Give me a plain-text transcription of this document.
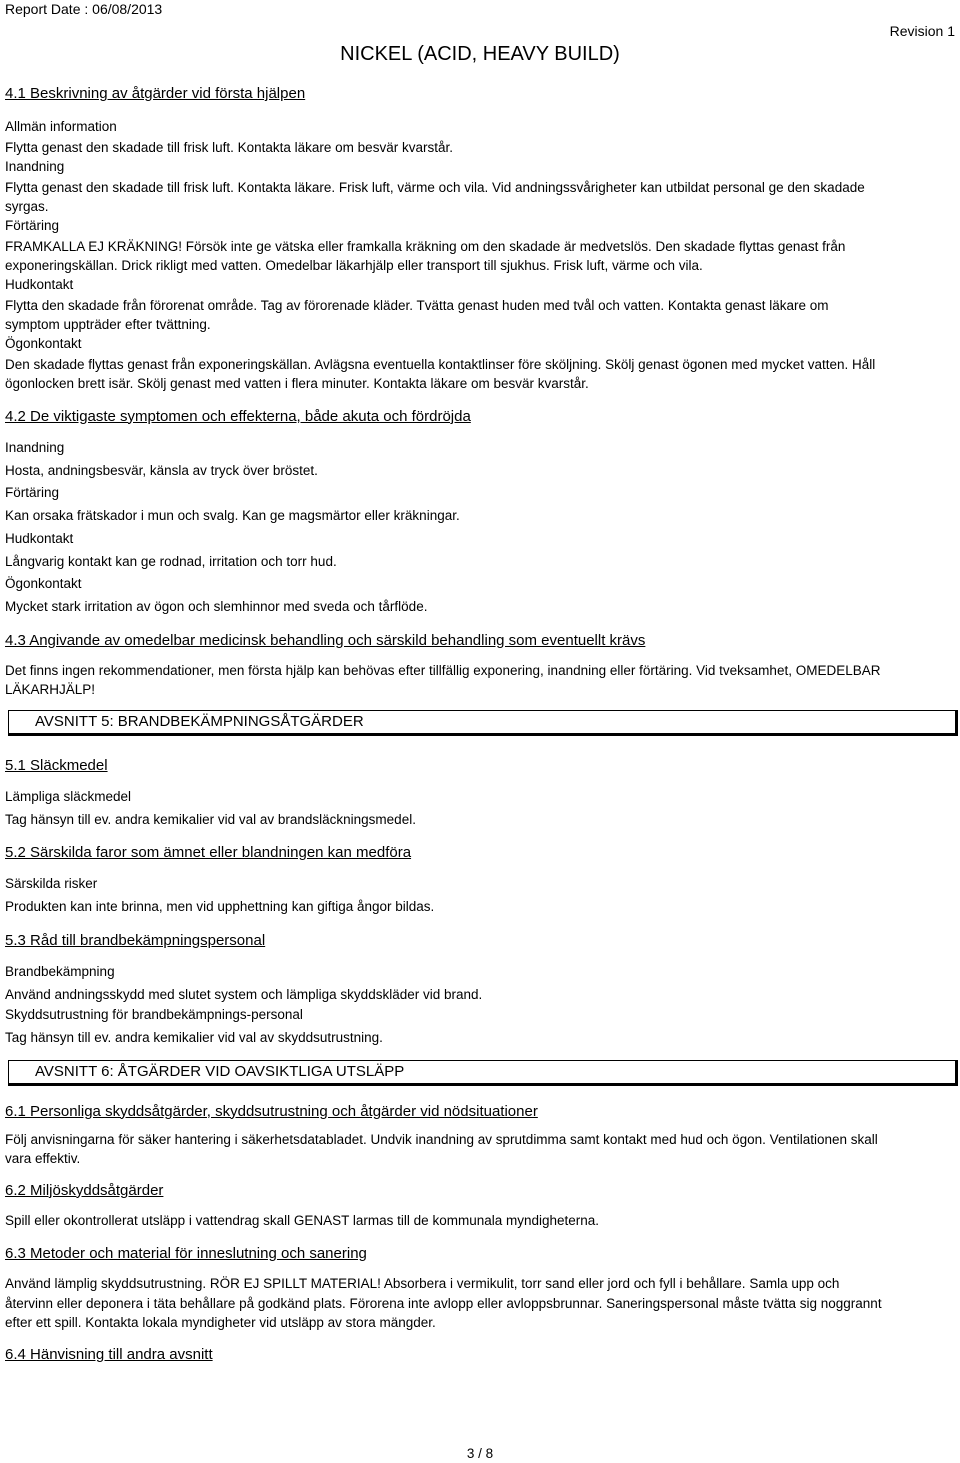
Report Date : 06/08/2013
Revision 1
NICKEL (ACID, HEAVY BUILD)

4.1 Beskrivning av åtgärder vid första hjälpen

Allmän information

Flytta genast den skadade till frisk luft. Kontakta läkare om besvär kvarstår.

Inandning

Flytta genast den skadade till frisk luft. Kontakta läkare. Frisk luft, värme och vila. Vid andningssvårigheter kan utbildat personal ge den skadade syrgas.

Förtäring

FRAMKALLA EJ KRÄKNING! Försök inte ge vätska eller framkalla kräkning om den skadade är medvetslös. Den skadade flyttas genast från exponeringskällan. Drick rikligt med vatten. Omedelbar läkarhjälp eller transport till sjukhus. Frisk luft, värme och vila.

Hudkontakt

Flytta den skadade från förorenat område. Tag av förorenade kläder. Tvätta genast huden med tvål och vatten. Kontakta genast läkare om symptom uppträder efter tvättning.

Ögonkontakt

Den skadade flyttas genast från exponeringskällan. Avlägsna eventuella kontaktlinser före sköljning. Skölj genast ögonen med mycket vatten. Håll ögonlocken brett isär. Skölj genast med vatten i flera minuter. Kontakta läkare om besvär kvarstår.

4.2 De viktigaste symptomen och effekterna, både akuta och fördröjda

Inandning

Hosta, andningsbesvär, känsla av tryck över bröstet.

Förtäring

Kan orsaka frätskador i mun och svalg. Kan ge magsmärtor eller kräkningar.

Hudkontakt

Långvarig kontakt kan ge rodnad, irritation och torr hud.

Ögonkontakt

Mycket stark irritation av ögon och slemhinnor med sveda och tårflöde.

4.3 Angivande av omedelbar medicinsk behandling och särskild behandling som eventuellt krävs

Det finns ingen rekommendationer, men första hjälp kan behövas efter tillfällig exponering, inandning eller förtäring. Vid tveksamhet, OMEDELBAR LÄKARHJÄLP!

AVSNITT 5: BRANDBEKÄMPNINGSÅTGÄRDER

5.1 Släckmedel

Lämpliga släckmedel

Tag hänsyn till ev. andra kemikalier vid val av brandsläckningsmedel.

5.2 Särskilda faror som ämnet eller blandningen kan medföra

Särskilda risker

Produkten kan inte brinna, men vid upphettning kan giftiga ångor bildas.

5.3 Råd till brandbekämpningspersonal

Brandbekämpning

Använd andningsskydd med slutet system och lämpliga skyddskläder vid brand.

Skyddsutrustning för brandbekämpnings-personal

Tag hänsyn till ev. andra kemikalier vid val av skyddsutrustning.

AVSNITT 6: ÅTGÄRDER VID OAVSIKTLIGA UTSLÄPP

6.1 Personliga skyddsåtgärder, skyddsutrustning och åtgärder vid nödsituationer

Följ anvisningarna för säker hantering i säkerhetsdatabladet. Undvik inandning av sprutdimma samt kontakt med hud och ögon. Ventilationen skall vara effektiv.

6.2 Miljöskyddsåtgärder

Spill eller okontrollerat utsläpp i vattendrag skall GENAST larmas till de kommunala myndigheterna.

6.3 Metoder och material för inneslutning och sanering

Använd lämplig skyddsutrustning. RÖR EJ SPILLT MATERIAL! Absorbera i vermikulit, torr sand eller jord och fyll i behållare. Samla upp och återvinn eller deponera i täta behållare på godkänd plats. Förorena inte avlopp eller avloppsbrunnar. Saneringspersonal måste tvätta sig noggrannt efter ett spill. Kontakta lokala myndigheter vid utsläpp av stora mängder.

6.4 Hänvisning till andra avsnitt

3 / 8
